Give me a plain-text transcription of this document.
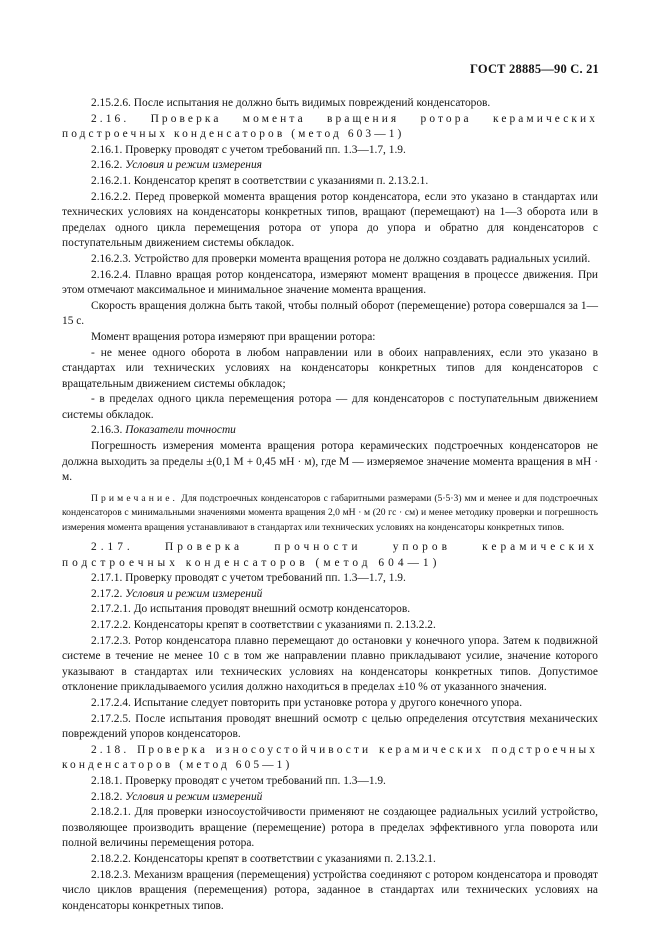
ГОСТ 28885—90 С. 21

2.15.2.6. После испытания не должно быть видимых повреждений конденсаторов.

2.16. Проверка момента вращения ротора керамических подстроечных конденсаторов (метод 603—1)

2.16.1. Проверку проводят с учетом требований пп. 1.3—1.7, 1.9.

2.16.2. Условия и режим измерения

2.16.2.1. Конденсатор крепят в соответствии с указаниями п. 2.13.2.1.

2.16.2.2. Перед проверкой момента вращения ротор конденсатора, если это указано в стандартах или технических условиях на конденсаторы конкретных типов, вращают (перемещают) на 1—3 оборота или в пределах одного цикла перемещения ротора от упора до упора и обратно для конденсаторов с поступательным движением системы обкладок.

2.16.2.3. Устройство для проверки момента вращения ротора не должно создавать радиальных усилий.

2.16.2.4. Плавно вращая ротор конденсатора, измеряют момент вращения в процессе движения. При этом отмечают максимальное и минимальное значение момента вращения.

Скорость вращения должна быть такой, чтобы полный оборот (перемещение) ротора совершался за 1—15 с.

Момент вращения ротора измеряют при вращении ротора:

- не менее одного оборота в любом направлении или в обоих направлениях, если это указано в стандартах или технических условиях на конденсаторы конкретных типов для конденсаторов с вращательным движением системы обкладок;

- в пределах одного цикла перемещения ротора — для конденсаторов с поступательным движением системы обкладок.

2.16.3. Показатели точности

Погрешность измерения момента вращения ротора керамических подстроечных конденсаторов не должна выходить за пределы ±(0,1 M + 0,45 мН · м), где M — измеряемое значение момента вращения в мН · м.

Примечание. Для подстроечных конденсаторов с габаритными размерами (5·5·3) мм и менее и для подстроечных конденсаторов с минимальными значениями момента вращения 2,0 мН · м (20 гс · см) и менее методику проверки и погрешность измерения момента вращения устанавливают в стандартах или технических условиях на конденсаторы конкретных типов.

2.17. Проверка прочности упоров керамических подстроечных конденсаторов (метод 604—1)

2.17.1. Проверку проводят с учетом требований пп. 1.3—1.7, 1.9.

2.17.2. Условия и режим измерений

2.17.2.1. До испытания проводят внешний осмотр конденсаторов.

2.17.2.2. Конденсаторы крепят в соответствии с указаниями п. 2.13.2.2.

2.17.2.3. Ротор конденсатора плавно перемещают до остановки у конечного упора. Затем к подвижной системе в течение не менее 10 с в том же направлении плавно прикладывают усилие, значение которого указывают в стандартах или технических условиях на конденсаторы конкретных типов. Допустимое отклонение прикладываемого усилия должно находиться в пределах ±10 % от указанного значения.

2.17.2.4. Испытание следует повторить при установке ротора у другого конечного упора.

2.17.2.5. После испытания проводят внешний осмотр с целью определения отсутствия механических повреждений упоров конденсаторов.

2.18. Проверка износоустойчивости керамических подстроечных конденсаторов (метод 605—1)

2.18.1. Проверку проводят с учетом требований пп. 1.3—1.9.

2.18.2. Условия и режим измерений

2.18.2.1. Для проверки износоустойчивости применяют не создающее радиальных усилий устройство, позволяющее производить вращение (перемещение) ротора в пределах эффективного угла поворота или полной величины перемещения ротора.

2.18.2.2. Конденсаторы крепят в соответствии с указаниями п. 2.13.2.1.

2.18.2.3. Механизм вращения (перемещения) устройства соединяют с ротором конденсатора и проводят число циклов вращения (перемещения) ротора, заданное в стандартах или технических условиях на конденсаторы конкретных типов.
